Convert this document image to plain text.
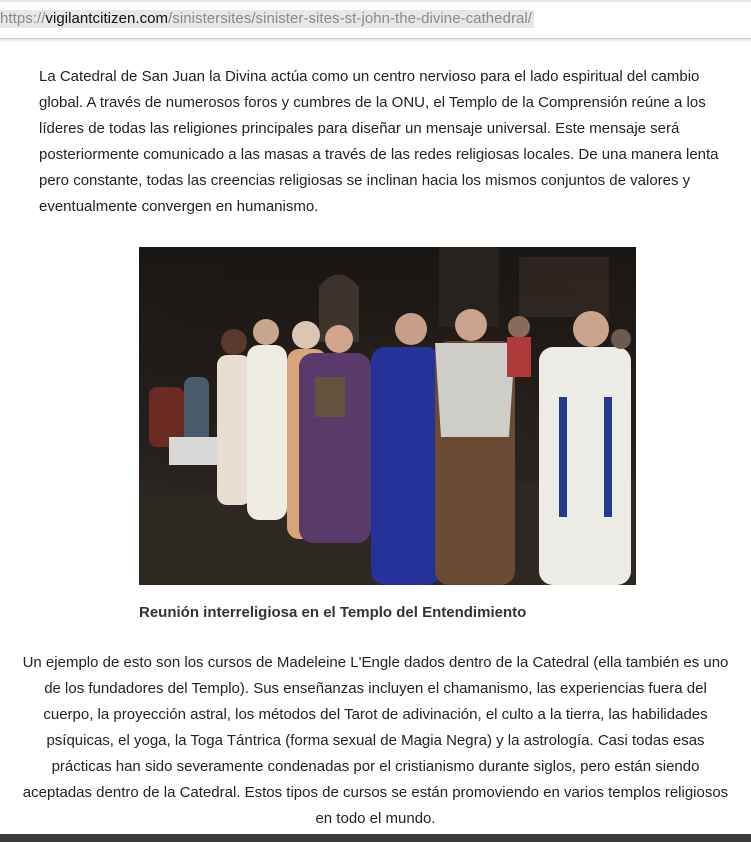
https://vigilantcitizen.com/sinistersites/sinister-sites-st-john-the-divine-cathedral/

La Catedral de San Juan la Divina actúa como un centro nervioso para el lado espiritual del cambio global. A través de numerosos foros y cumbres de la ONU, el Templo de la Comprensión reúne a los líderes de todas las religiones principales para diseñar un mensaje universal. Este mensaje será posteriormente comunicado a las masas a través de las redes religiosas locales. De una manera lenta pero constante, todas las creencias religiosas se inclinan hacia los mismos conjuntos de valores y eventualmente convergen en humanismo.

Reunión interreligiosa en el Templo del Entendimiento

Un ejemplo de esto son los cursos de Madeleine L'Engle dados dentro de la Catedral (ella también es uno de los fundadores del Templo). Sus enseñanzas incluyen el chamanismo, las experiencias fuera del cuerpo, la proyección astral, los métodos del Tarot de adivinación, el culto a la tierra, las habilidades psíquicas, el yoga, la Toga Tántrica (forma sexual de Magia Negra) y la astrología. Casi todas esas prácticas han sido severamente condenadas por el cristianismo durante siglos, pero están siendo aceptadas dentro de la Catedral. Estos tipos de cursos se están promoviendo en varios templos religiosos en todo el mundo.
